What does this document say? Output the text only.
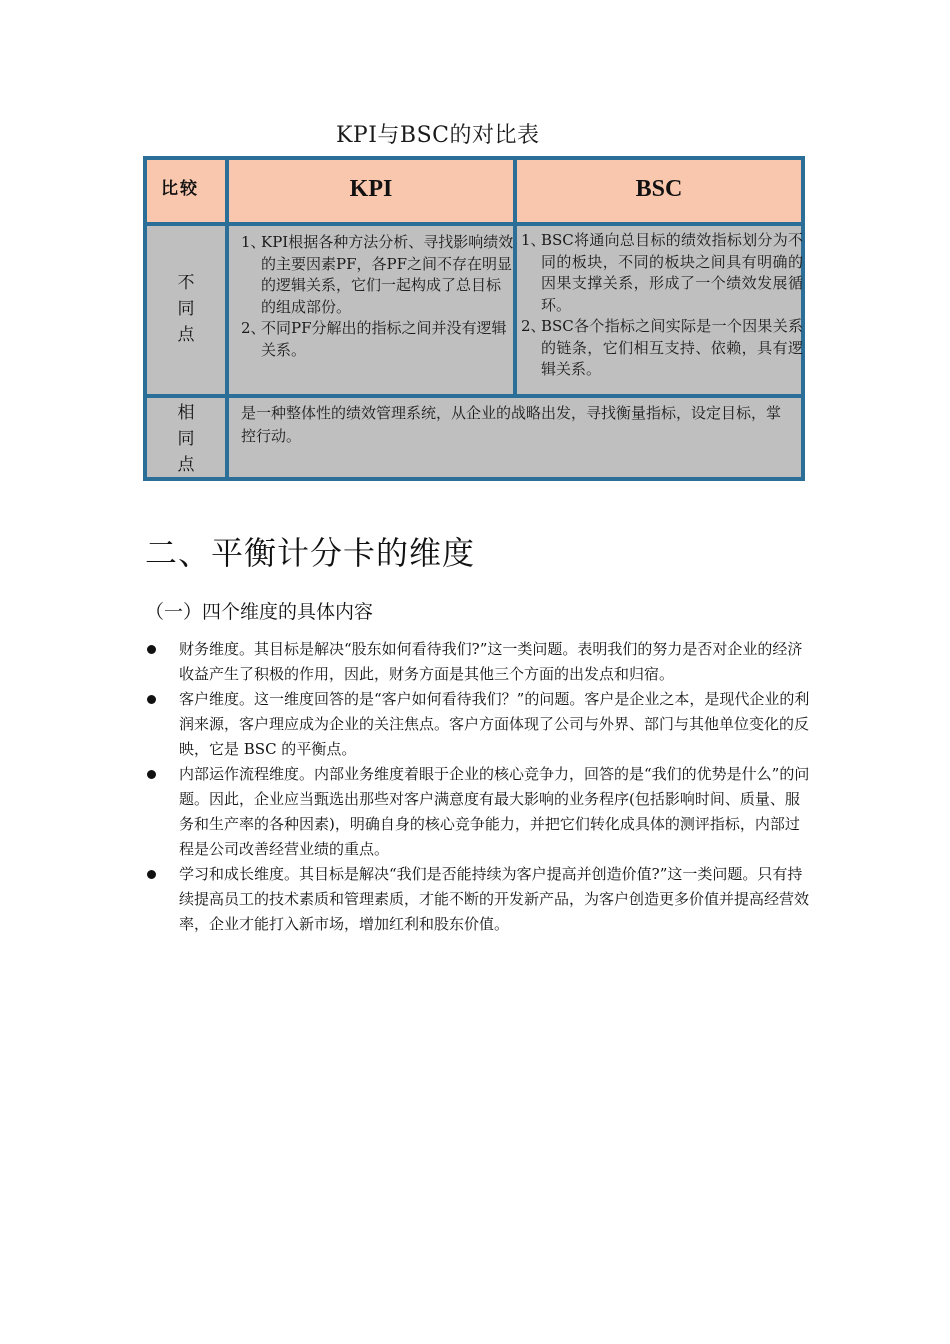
KPI与BSC的对比表
比较	KPI	BSC
不
同
点
1、
KPI根据各种方法分析、寻找影响绩效的主要因素PF，各PF之间不存在明显的逻辑关系，它们一起构成了总目标的组成部份。
2、
不同PF分解出的指标之间并没有逻辑关系。
1、
BSC将通向总目标的绩效指标划分为不同的板块，不同的板块之间具有明确的因果支撑关系，形成了一个绩效发展循环。
2、
BSC各个指标之间实际是一个因果关系的链条，它们相互支持、依赖，具有逻辑关系。
相
同
点
是一种整体性的绩效管理系统，从企业的战略出发，寻找衡量指标，设定目标，掌控行动。
二、平衡计分卡的维度
（一）四个维度的具体内容
财务维度。其目标是解决“股东如何看待我们?”这一类问题。表明我们的努力是否对企业的经济收益产生了积极的作用，因此，财务方面是其他三个方面的出发点和归宿。
客户维度。这一维度回答的是“客户如何看待我们？”的问题。客户是企业之本，是现代企业的利润来源，客户理应成为企业的关注焦点。客户方面体现了公司与外界、部门与其他单位变化的反映，它是 BSC 的平衡点。
内部运作流程维度。内部业务维度着眼于企业的核心竞争力，回答的是“我们的优势是什么”的问题。因此，企业应当甄选出那些对客户满意度有最大影响的业务程序(包括影响时间、质量、服务和生产率的各种因素)，明确自身的核心竞争能力，并把它们转化成具体的测评指标，内部过程是公司改善经营业绩的重点。
学习和成长维度。其目标是解决“我们是否能持续为客户提高并创造价值?”这一类问题。只有持续提高员工的技术素质和管理素质，才能不断的开发新产品，为客户创造更多价值并提高经营效率，企业才能打入新市场，增加红利和股东价值。
